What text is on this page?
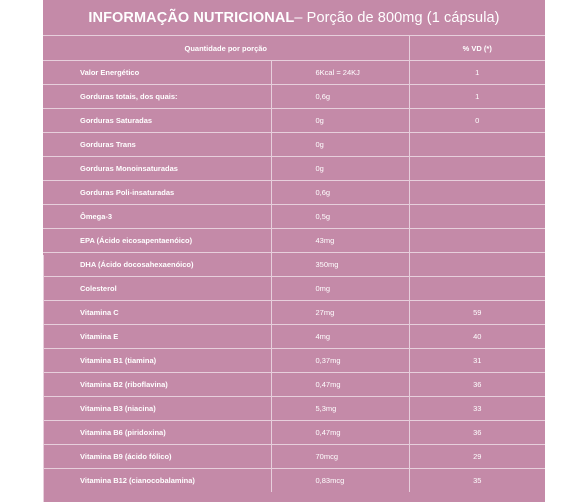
INFORMAÇÃO NUTRICIONAL – Porção de 800mg (1 cápsula)
Quantidade por porção		% VD (*)
Valor Energético	6Kcal = 24KJ	1
Gorduras totais, dos quais:	0,6g	1
Gorduras Saturadas	0g	0
Gorduras Trans	0g	
Gorduras Monoinsaturadas	0g	
Gorduras Poli-insaturadas	0,6g	
Ômega-3	0,5g	
EPA (Ácido eicosapentaenóico)	43mg	
DHA (Ácido docosahexaenóico)	350mg	
Colesterol	0mg	
Vitamina C	27mg	59
Vitamina E	4mg	40
Vitamina B1 (tiamina)	0,37mg	31
Vitamina B2 (riboflavina)	0,47mg	36
Vitamina B3 (niacina)	5,3mg	33
Vitamina B6 (piridoxina)	0,47mg	36
Vitamina B9 (ácido fólico)	70mcg	29
Vitamina B12 (cianocobalamina)	0,83mcg	35
